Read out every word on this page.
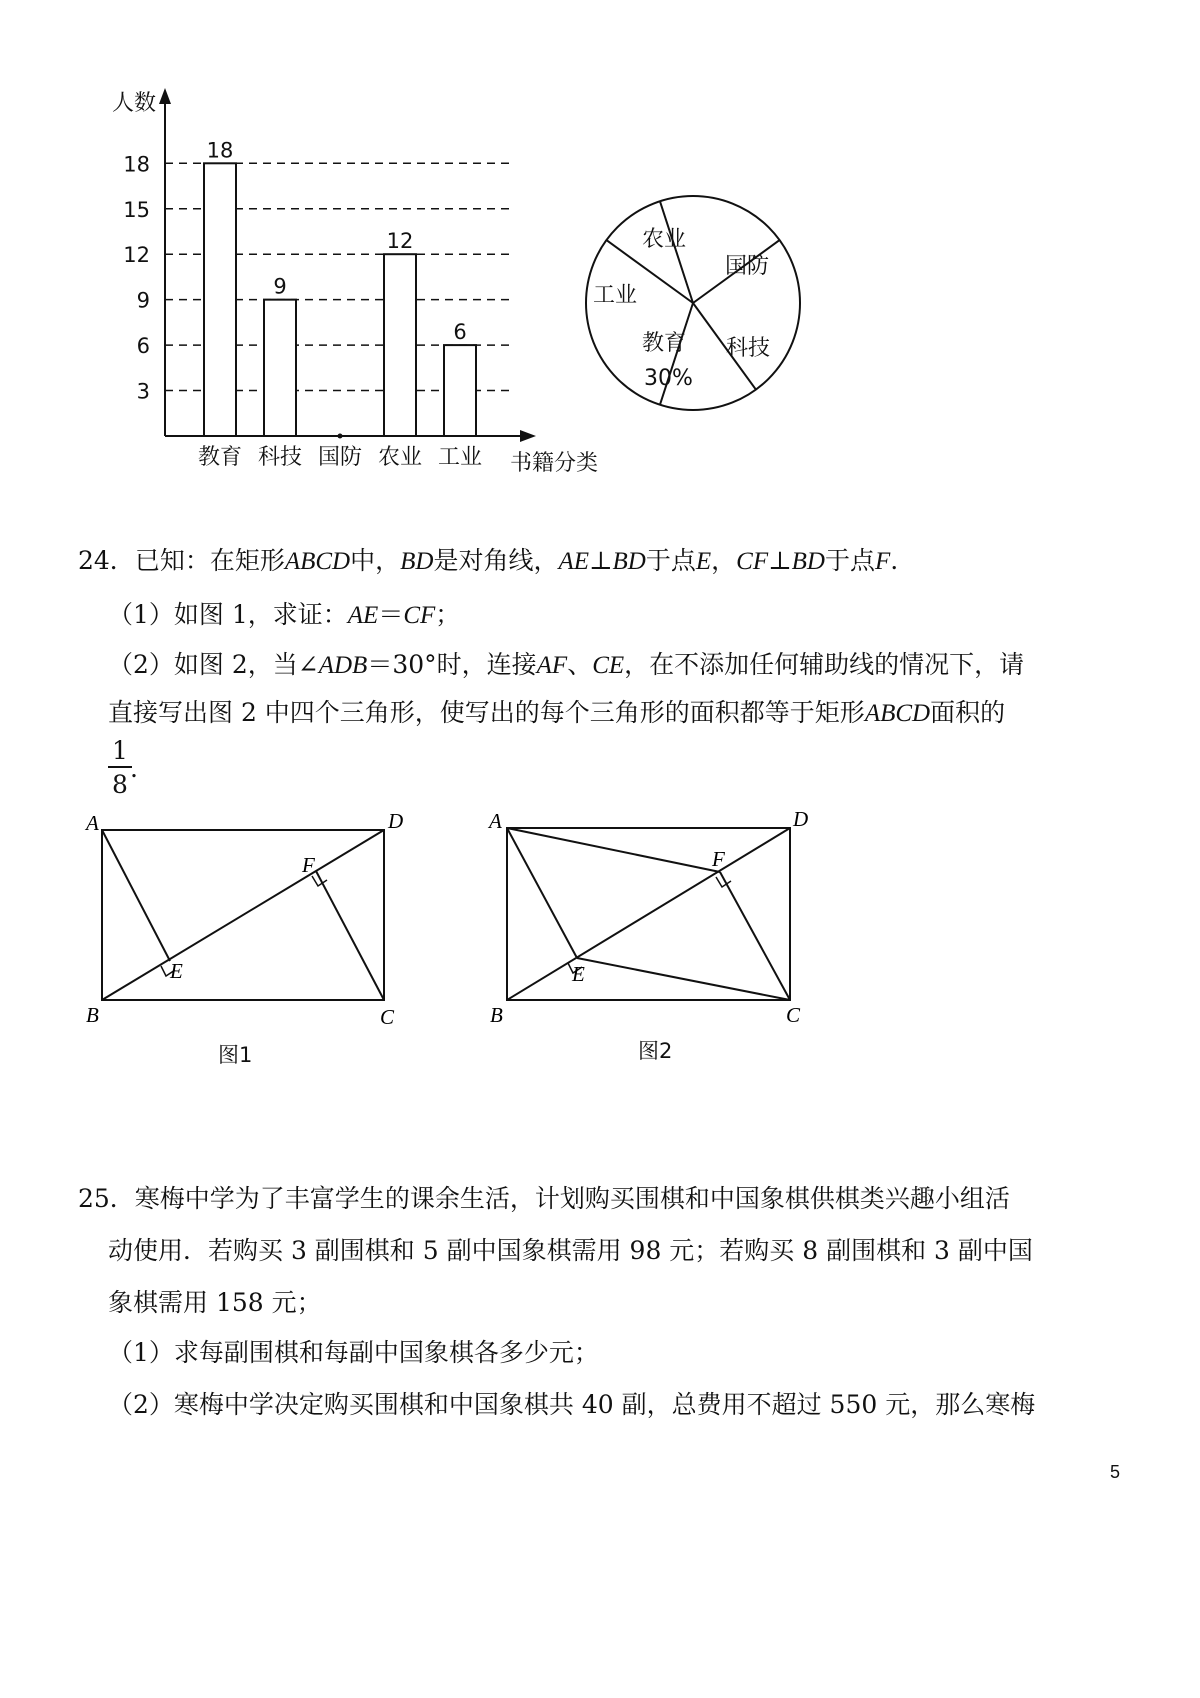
人数
书籍分类
3
6
9
12
15
18
教育 科技 国防 农业 工业
18
9
12
6
农业
国防
科技
教育
30%
工业
24．已知：在矩形ABCD中，BD是对角线，AE⊥BD于点E，CF⊥BD于点F.
（1）如图 1，求证：AE＝CF；
（2）如图 2，当∠ADB＝30°时，连接AF、CE，在不添加任何辅助线的情况下，请
直接写出图 2 中四个三角形，使写出的每个三角形的面积都等于矩形ABCD面积的
1
8
.
A	D
B	C
E
F
图1
A	D
B	C
E
F
图2
25．寒梅中学为了丰富学生的课余生活，计划购买围棋和中国象棋供棋类兴趣小组活
动使用．若购买 3 副围棋和 5 副中国象棋需用 98 元；若购买 8 副围棋和 3 副中国
象棋需用 158 元；
（1）求每副围棋和每副中国象棋各多少元；
（2）寒梅中学决定购买围棋和中国象棋共 40 副，总费用不超过 550 元，那么寒梅
5
